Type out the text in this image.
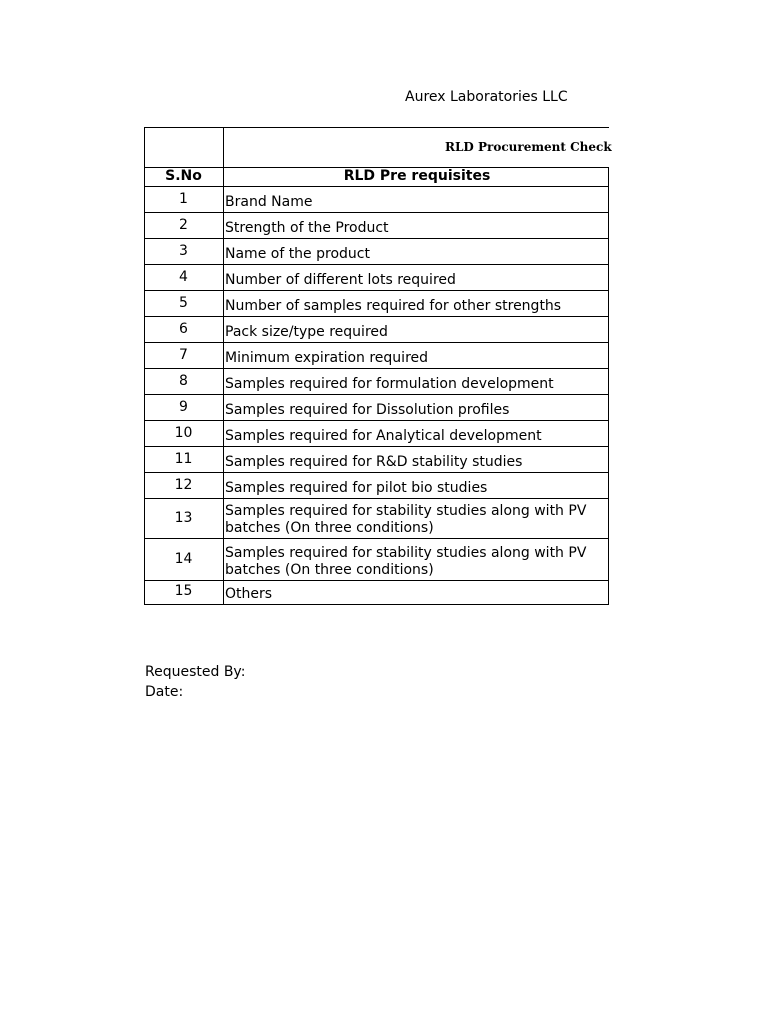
Aurex Laboratories LLC
RLD Procurement Check
S.No	RLD Pre requisites
1	Brand Name
2	Strength of the Product
3	Name of the product
4	Number of different lots required
5	Number of samples required for other strengths
6	Pack size/type required
7	Minimum expiration required
8	Samples required for formulation development
9	Samples required for Dissolution profiles
10	Samples required for Analytical development
11	Samples required for R&D stability studies
12	Samples required for pilot bio studies
13	Samples required for stability studies along with PV
batches (On three conditions)
14	Samples required for stability studies along with PV
batches (On three conditions)
15	Others
Requested By:
Date:
